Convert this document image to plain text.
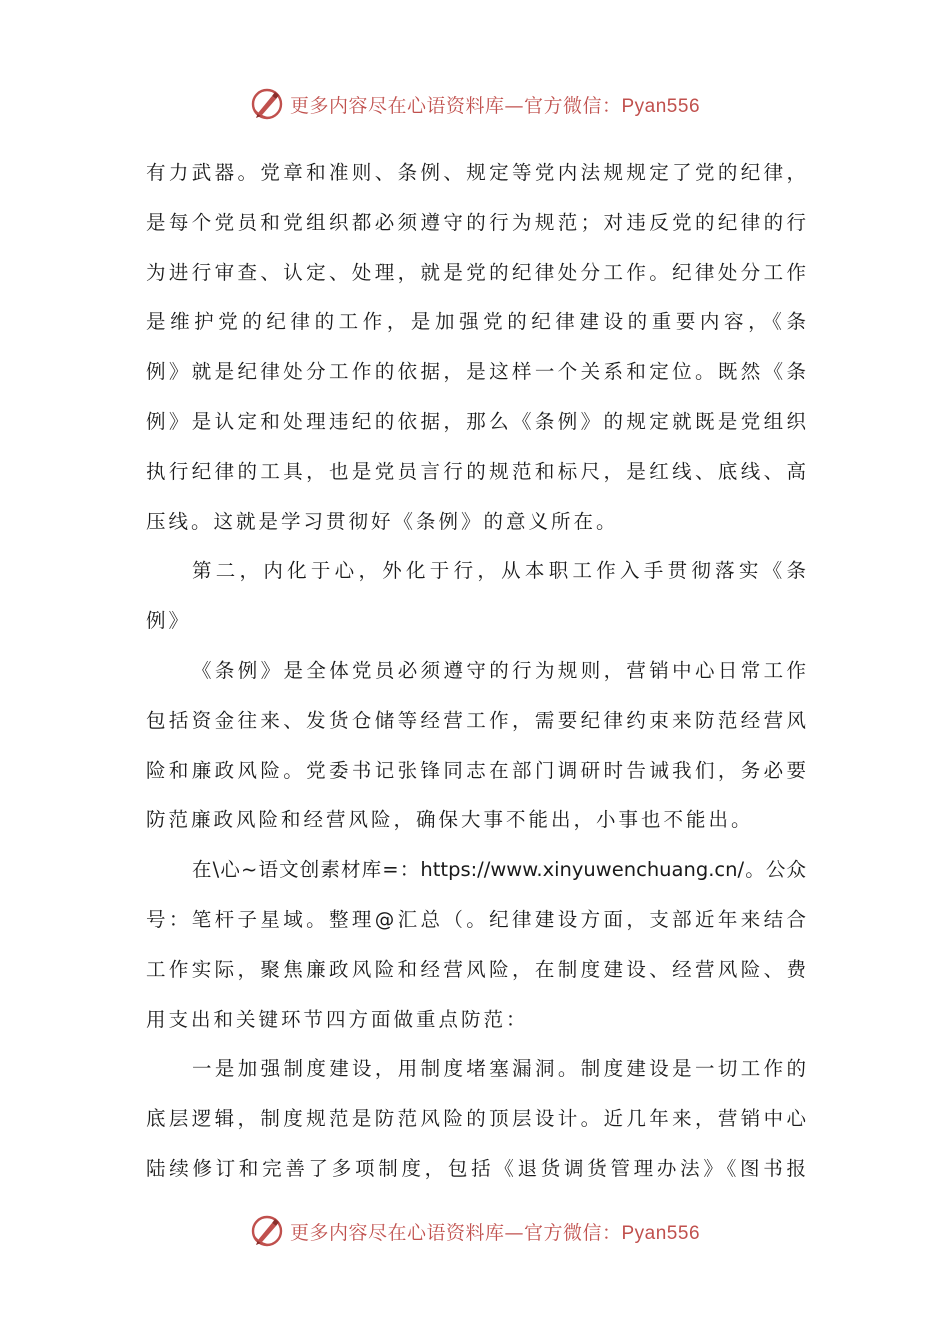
更多内容尽在心语资料库—官方微信：Pyan556
有力武器。党章和准则、条例、规定等党内法规规定了党的纪律，
是每个党员和党组织都必须遵守的行为规范；对违反党的纪律的行
为进行审查、认定、处理，就是党的纪律处分工作。纪律处分工作
是维护党的纪律的工作，是加强党的纪律建设的重要内容，《条
例》就是纪律处分工作的依据，是这样一个关系和定位。既然《条
例》是认定和处理违纪的依据，那么《条例》的规定就既是党组织
执行纪律的工具，也是党员言行的规范和标尺，是红线、底线、高
压线。这就是学习贯彻好《条例》的意义所在。
第二，内化于心，外化于行，从本职工作入手贯彻落实《条
例》
《条例》是全体党员必须遵守的行为规则，营销中心日常工作
包括资金往来、发货仓储等经营工作，需要纪律约束来防范经营风
险和廉政风险。党委书记张锋同志在部门调研时告诫我们，务必要
防范廉政风险和经营风险，确保大事不能出，小事也不能出。
在\心~语文创素材库=：https://www.xinyuwenchuang.cn/。公众
号：笔杆子星域。整理@汇总（。纪律建设方面，支部近年来结合
工作实际，聚焦廉政风险和经营风险，在制度建设、经营风险、费
用支出和关键环节四方面做重点防范：
一是加强制度建设，用制度堵塞漏洞。制度建设是一切工作的
底层逻辑，制度规范是防范风险的顶层设计。近几年来，营销中心
陆续修订和完善了多项制度，包括《退货调货管理办法》《图书报
更多内容尽在心语资料库—官方微信：Pyan556
